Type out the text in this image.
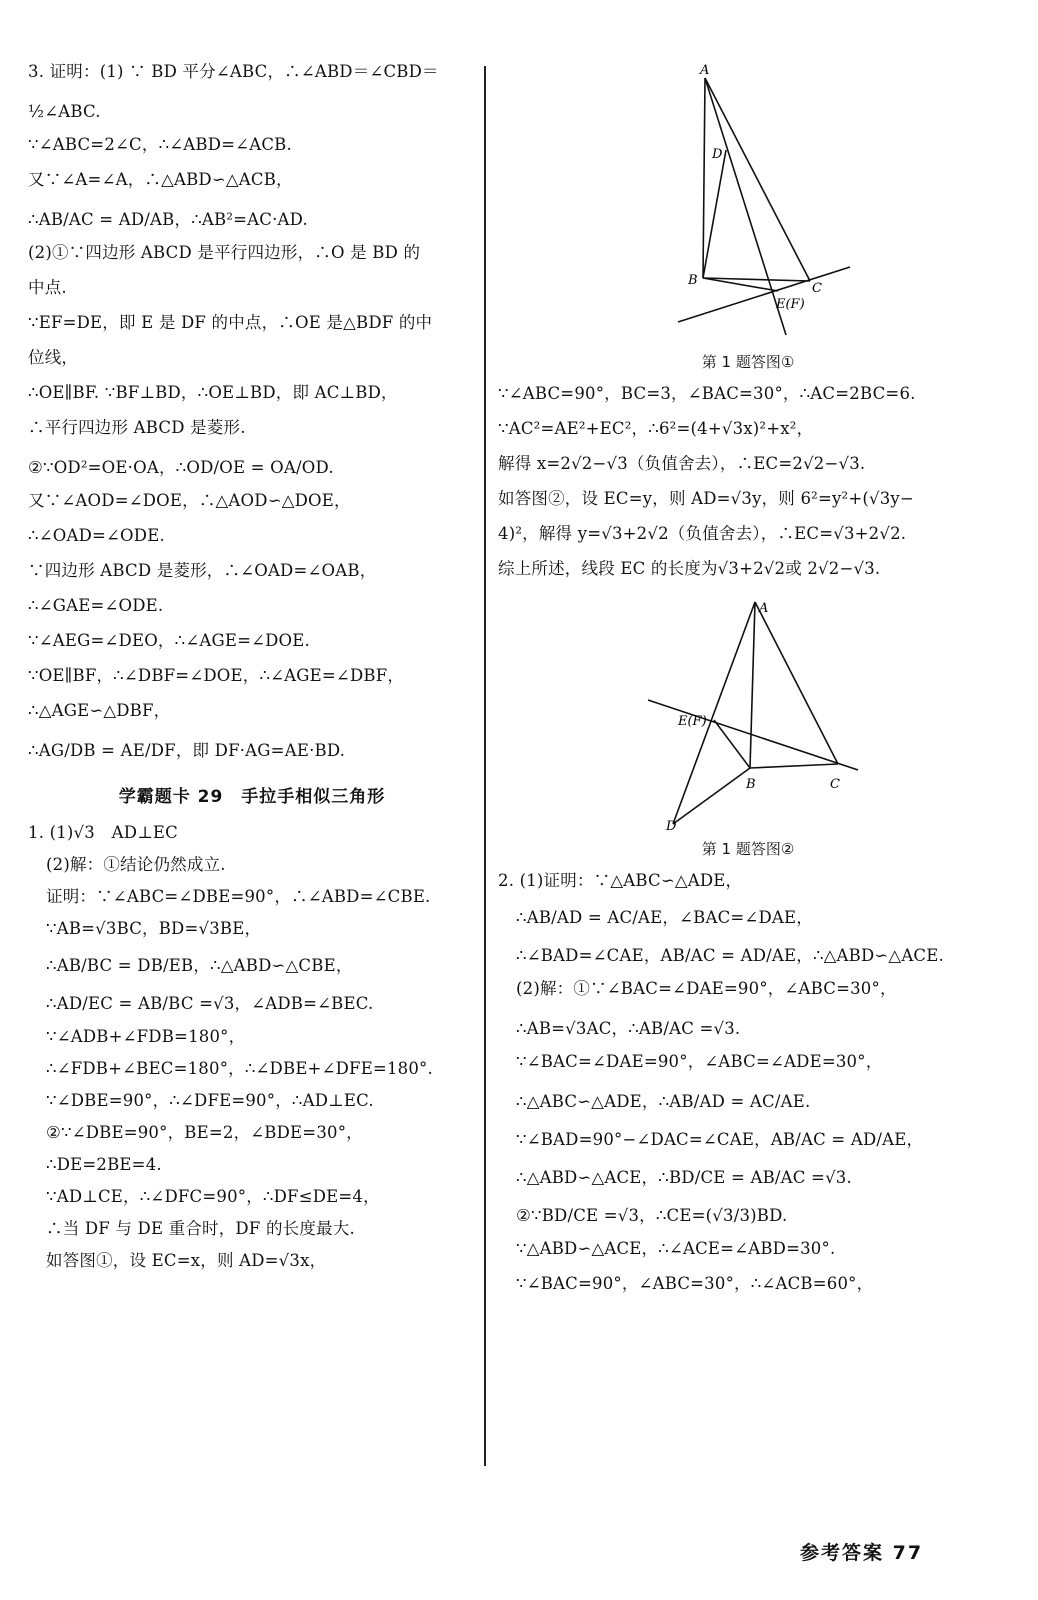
3. 证明：(1) ∵ BD 平分∠ABC，∴∠ABD＝∠CBD＝
½∠ABC.
∵∠ABC=2∠C，∴∠ABD=∠ACB.
又∵∠A=∠A，∴△ABD∽△ACB，
∴AB/AC = AD/AB，∴AB²=AC·AD.
(2)①∵四边形 ABCD 是平行四边形，∴O 是 BD 的
中点.
∵EF=DE，即 E 是 DF 的中点，∴OE 是△BDF 的中
位线，
∴OE∥BF. ∵BF⊥BD，∴OE⊥BD，即 AC⊥BD，
∴平行四边形 ABCD 是菱形.
②∵OD²=OE·OA，∴OD/OE = OA/OD.
又∵∠AOD=∠DOE，∴△AOD∽△DOE，
∴∠OAD=∠ODE.
∵四边形 ABCD 是菱形，∴∠OAD=∠OAB，
∴∠GAE=∠ODE.
∵∠AEG=∠DEO，∴∠AGE=∠DOE.
∵OE∥BF，∴∠DBF=∠DOE，∴∠AGE=∠DBF，
∴△AGE∽△DBF，
∴AG/DB = AE/DF，即 DF·AG=AE·BD.
学霸题卡 29　手拉手相似三角形
1. (1)√3　AD⊥EC
(2)解：①结论仍然成立.
证明：∵∠ABC=∠DBE=90°，∴∠ABD=∠CBE.
∵AB=√3BC，BD=√3BE，
∴AB/BC = DB/EB，∴△ABD∽△CBE，
∴AD/EC = AB/BC =√3，∠ADB=∠BEC.
∵∠ADB+∠FDB=180°，
∴∠FDB+∠BEC=180°，∴∠DBE+∠DFE=180°.
∵∠DBE=90°，∴∠DFE=90°，∴AD⊥EC.
②∵∠DBE=90°，BE=2，∠BDE=30°，
∴DE=2BE=4.
∵AD⊥CE，∴∠DFC=90°，∴DF≤DE=4，
∴当 DF 与 DE 重合时，DF 的长度最大.
如答图①，设 EC=x，则 AD=√3x，
A
D
B
C
E(F)
第 1 题答图①
∵∠ABC=90°，BC=3，∠BAC=30°，∴AC=2BC=6.
∵AC²=AE²+EC²，∴6²=(4+√3x)²+x²，
解得 x=2√2−√3（负值舍去），∴EC=2√2−√3.
如答图②，设 EC=y，则 AD=√3y，则 6²=y²+(√3y−
4)²，解得 y=√3+2√2（负值舍去），∴EC=√3+2√2.
综上所述，线段 EC 的长度为√3+2√2或 2√2−√3.
A
E(F)
B	C
D
第 1 题答图②
2. (1)证明：∵△ABC∽△ADE，
∴AB/AD = AC/AE，∠BAC=∠DAE，
∴∠BAD=∠CAE，AB/AC = AD/AE，∴△ABD∽△ACE.
(2)解：①∵∠BAC=∠DAE=90°，∠ABC=30°，
∴AB=√3AC，∴AB/AC =√3.
∵∠BAC=∠DAE=90°，∠ABC=∠ADE=30°，
∴△ABC∽△ADE，∴AB/AD = AC/AE.
∵∠BAD=90°−∠DAC=∠CAE，AB/AC = AD/AE，
∴△ABD∽△ACE，∴BD/CE = AB/AC =√3.
②∵BD/CE =√3，∴CE=(√3/3)BD.
∵△ABD∽△ACE，∴∠ACE=∠ABD=30°.
∵∠BAC=90°，∠ABC=30°，∴∠ACB=60°，
参考答案 77
